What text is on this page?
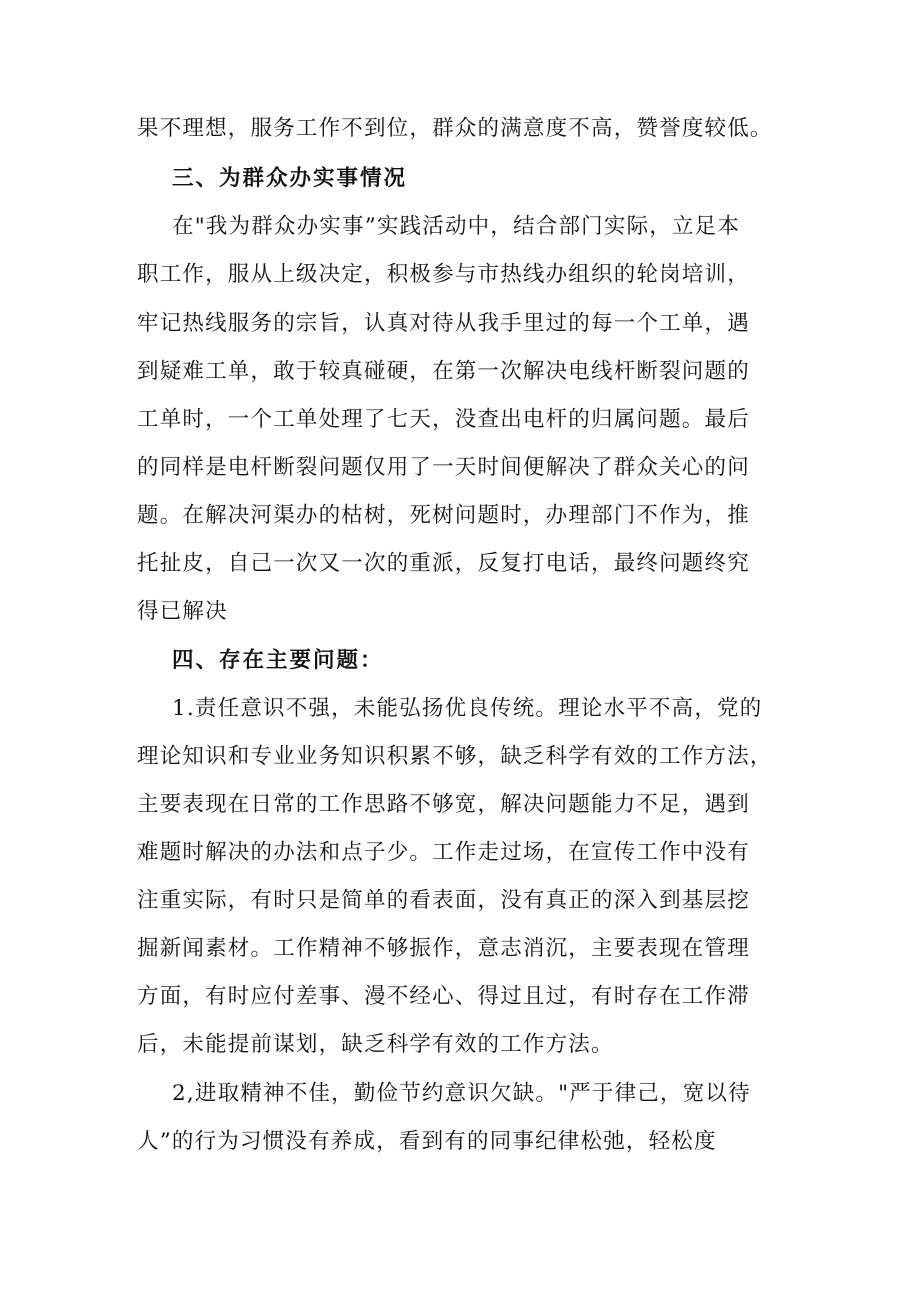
果不理想，服务工作不到位，群众的满意度不高，赞誉度较低。
三、为群众办实事情况
在"我为群众办实事”实践活动中，结合部门实际，立足本
职工作，服从上级决定，积极参与市热线办组织的轮岗培训，
牢记热线服务的宗旨，认真对待从我手里过的每一个工单，遇
到疑难工单，敢于较真碰硬，在第一次解决电线杆断裂问题的
工单时，一个工单处理了七天，没查出电杆的归属问题。最后
的同样是电杆断裂问题仅用了一天时间便解决了群众关心的问
题。在解决河渠办的枯树，死树问题时，办理部门不作为，推
托扯皮，自己一次又一次的重派，反复打电话，最终问题终究
得已解决
四、存在主要问题：
1.责任意识不强，未能弘扬优良传统。理论水平不高，党的
理论知识和专业业务知识积累不够，缺乏科学有效的工作方法，
主要表现在日常的工作思路不够宽，解决问题能力不足，遇到
难题时解决的办法和点子少。工作走过场，在宣传工作中没有
注重实际，有时只是简单的看表面，没有真正的深入到基层挖
掘新闻素材。工作精神不够振作，意志消沉，主要表现在管理
方面，有时应付差事、漫不经心、得过且过，有时存在工作滞
后，未能提前谋划，缺乏科学有效的工作方法。
2,进取精神不佳，勤俭节约意识欠缺。"严于律己，宽以待
人”的行为习惯没有养成，看到有的同事纪律松弛，轻松度
